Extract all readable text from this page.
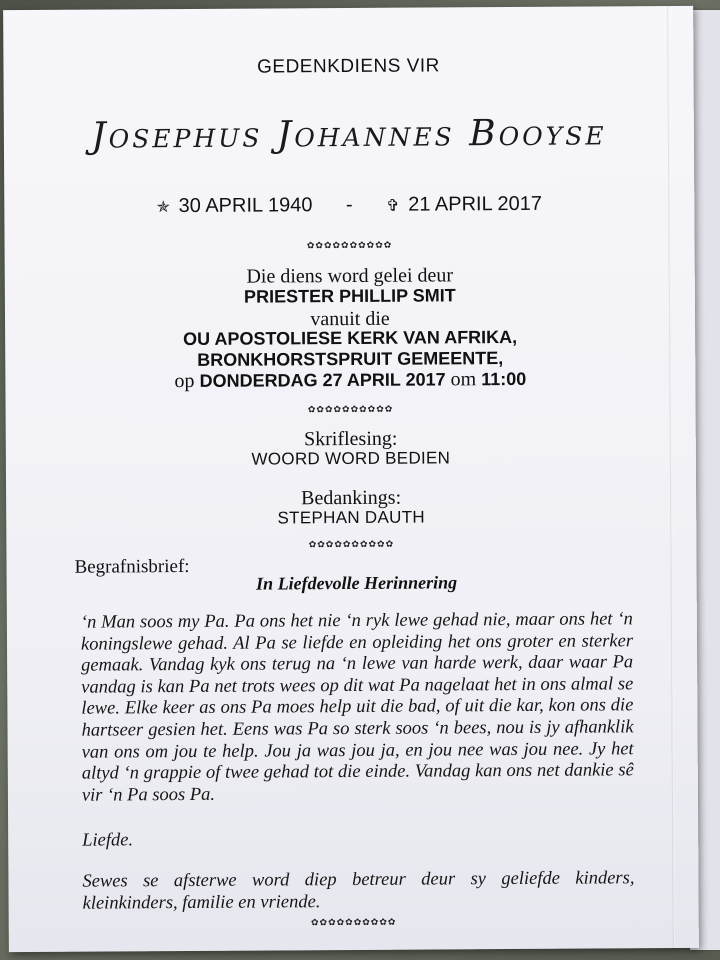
GEDENKDIENS VIR
Josephus Johannes Booyse
✯ 30 APRIL 1940 - ✞ 21 APRIL 2017
✿✿✿✿✿✿✿✿✿✿
Die diens word gelei deur
PRIESTER PHILLIP SMIT
vanuit die
OU APOSTOLIESE KERK VAN AFRIKA,
BRONKHORSTSPRUIT GEMEENTE,
op DONDERDAG 27 APRIL 2017 om 11:00
✿✿✿✿✿✿✿✿✿✿
Skriflesing:
WOORD WORD BEDIEN
Bedankings:
STEPHAN DAUTH
✿✿✿✿✿✿✿✿✿✿
Begrafnisbrief:
In Liefdevolle Herinnering

‘n Man soos my Pa. Pa ons het nie ‘n ryk lewe gehad nie, maar ons het ‘n koningslewe gehad. Al Pa se liefde en opleiding het ons groter en sterker gemaak. Vandag kyk ons terug na ‘n lewe van harde werk, daar waar Pa vandag is kan Pa net trots wees op dit wat Pa nagelaat het in ons almal se lewe. Elke keer as ons Pa moes help uit die bad, of uit die kar, kon ons die hartseer gesien het. Eens was Pa so sterk soos ‘n bees, nou is jy afhanklik van ons om jou te help. Jou ja was jou ja, en jou nee was jou nee. Jy het altyd ‘n grappie of twee gehad tot die einde. Vandag kan ons net dankie sê vir ‘n Pa soos Pa.

Liefde.
Sewes se afsterwe word diep betreur deur sy geliefde kinders, kleinkinders, familie en vriende.
✿✿✿✿✿✿✿✿✿✿
